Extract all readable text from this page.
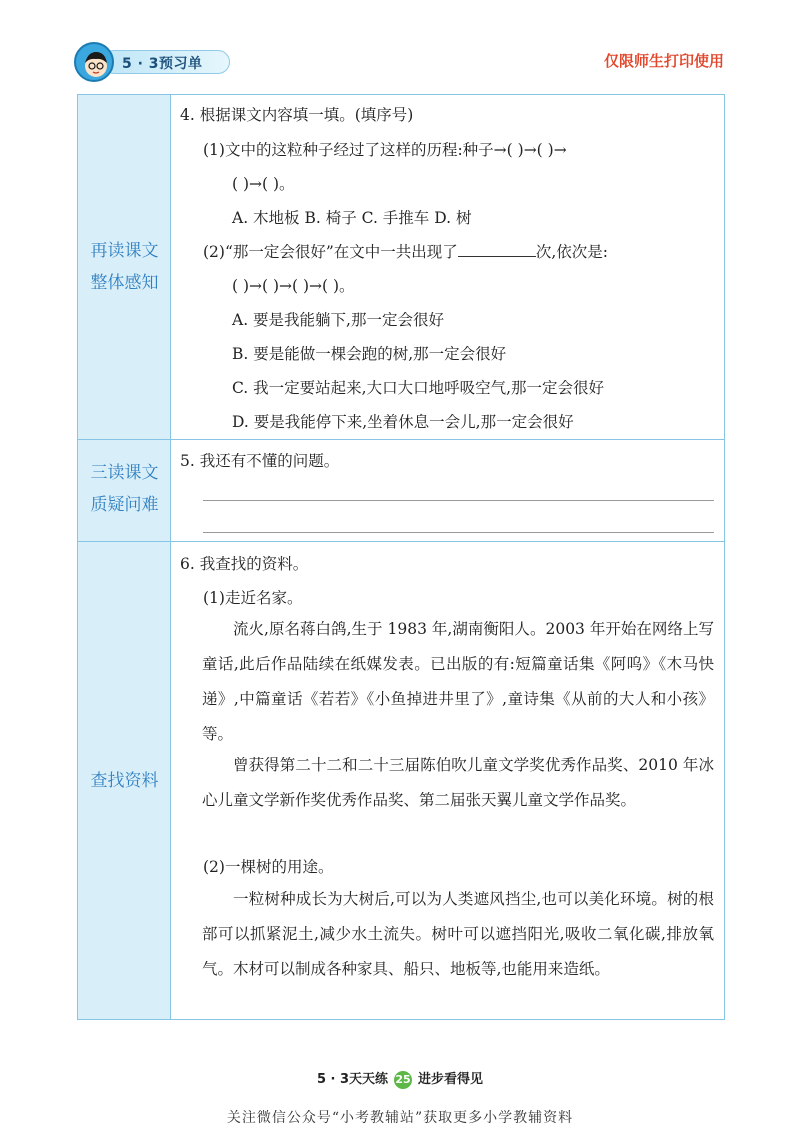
5 · 3预习单	仅限师生打印使用
再读课文
整体感知
三读课文
质疑问难
查找资料
4. 根据课文内容填一填。(填序号)
(1)文中的这粒种子经过了这样的历程:种子→( )→( )→
( )→( )。
A. 木地板 B. 椅子 C. 手推车 D. 树
(2)“那一定会很好”在文中一共出现了	次,依次是:
( )→( )→( )→( )。
A. 要是我能躺下,那一定会很好
B. 要是能做一棵会跑的树,那一定会很好
C. 我一定要站起来,大口大口地呼吸空气,那一定会很好
D. 要是我能停下来,坐着休息一会儿,那一定会很好
5. 我还有不懂的问题。
6. 我查找的资料。
(1)走近名家。
流火,原名蒋白鸽,生于 1983 年,湖南衡阳人。2003 年开始在网络上写童话,此后作品陆续在纸媒发表。已出版的有:短篇童话集《阿呜》《木马快递》,中篇童话《若若》《小鱼掉进井里了》,童诗集《从前的大人和小孩》等。
曾获得第二十二和二十三届陈伯吹儿童文学奖优秀作品奖、2010 年冰心儿童文学新作奖优秀作品奖、第二届张天翼儿童文学作品奖。
(2)一棵树的用途。
一粒树种成长为大树后,可以为人类遮风挡尘,也可以美化环境。树的根部可以抓紧泥土,减少水土流失。树叶可以遮挡阳光,吸收二氧化碳,排放氧气。木材可以制成各种家具、船只、地板等,也能用来造纸。
5 · 3天天练 25 进步看得见
关注微信公众号“小考教辅站”获取更多小学教辅资料
